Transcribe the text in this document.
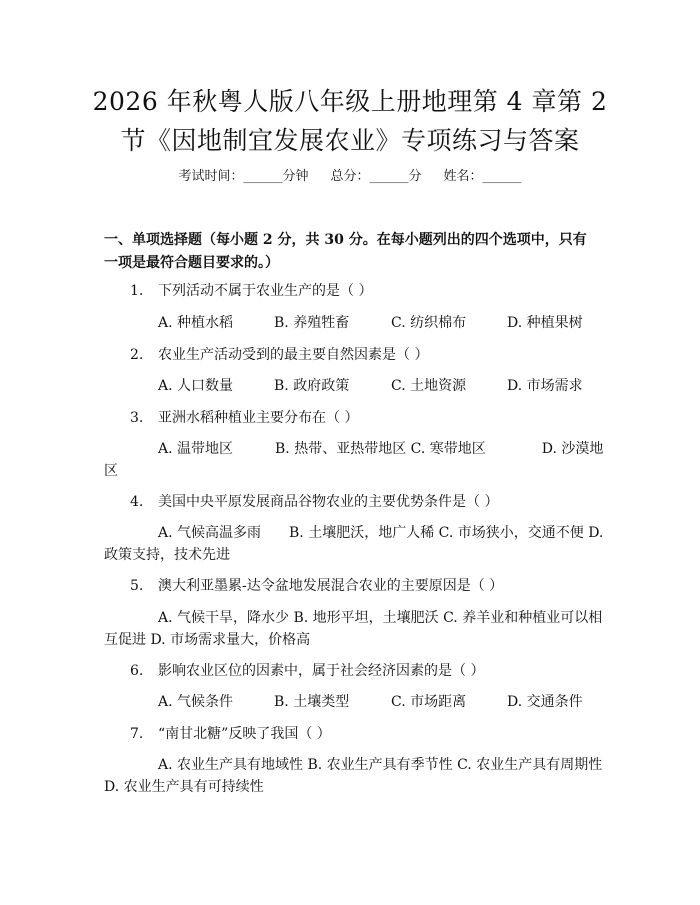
2026 年秋粤人版八年级上册地理第 4 章第 2
节《因地制宜发展农业》专项练习与答案
考试时间：______分钟 总分：______分 姓名：______
一、单项选择题（每小题 2 分，共 30 分。在每小题列出的四个选项中，只有一项是最符合题目要求的。）
1. 下列活动不属于农业生产的是（ ）
A. 种植水稻	B. 养殖牲畜	C. 纺织棉布	D. 种植果树
2. 农业生产活动受到的最主要自然因素是（ ）
A. 人口数量	B. 政府政策	C. 土地资源	D. 市场需求
3. 亚洲水稻种植业主要分布在（ ）
A. 温带地区　　　B. 热带、亚热带地区 C. 寒带地区　　　　D. 沙漠地区
4. 美国中央平原发展商品谷物农业的主要优势条件是（ ）
A. 气候高温多雨　　B. 土壤肥沃，地广人稀 C. 市场狭小，交通不便 D. 政策支持，技术先进
5. 澳大利亚墨累-达令盆地发展混合农业的主要原因是（ ）
A. 气候干旱，降水少 B. 地形平坦，土壤肥沃 C. 养羊业和种植业可以相互促进 D. 市场需求量大，价格高
6. 影响农业区位的因素中，属于社会经济因素的是（ ）
A. 气候条件	B. 土壤类型	C. 市场距离	D. 交通条件
7. “南甘北糖”反映了我国（ ）
A. 农业生产具有地域性 B. 农业生产具有季节性 C. 农业生产具有周期性 D. 农业生产具有可持续性
